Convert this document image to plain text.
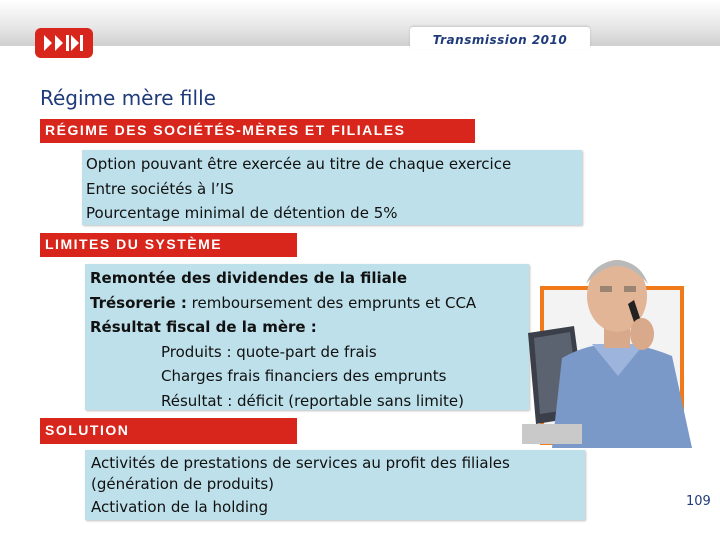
Transmission 2010
Régime mère fille
RÉGIME DES SOCIÉTÉS-MÈRES ET FILIALES
Option pouvant être exercée au titre de chaque exercice
Entre sociétés à l’IS
Pourcentage minimal de détention de 5%
LIMITES DU SYSTÈME
Remontée des dividendes de la filiale
Trésorerie : remboursement des emprunts et CCA
Résultat fiscal de la mère :
Produits : quote-part de frais
Charges frais financiers des emprunts
Résultat : déficit (reportable sans limite)
SOLUTION
Activités de prestations de services au profit des filiales
(génération de produits)
Activation de la holding	109
